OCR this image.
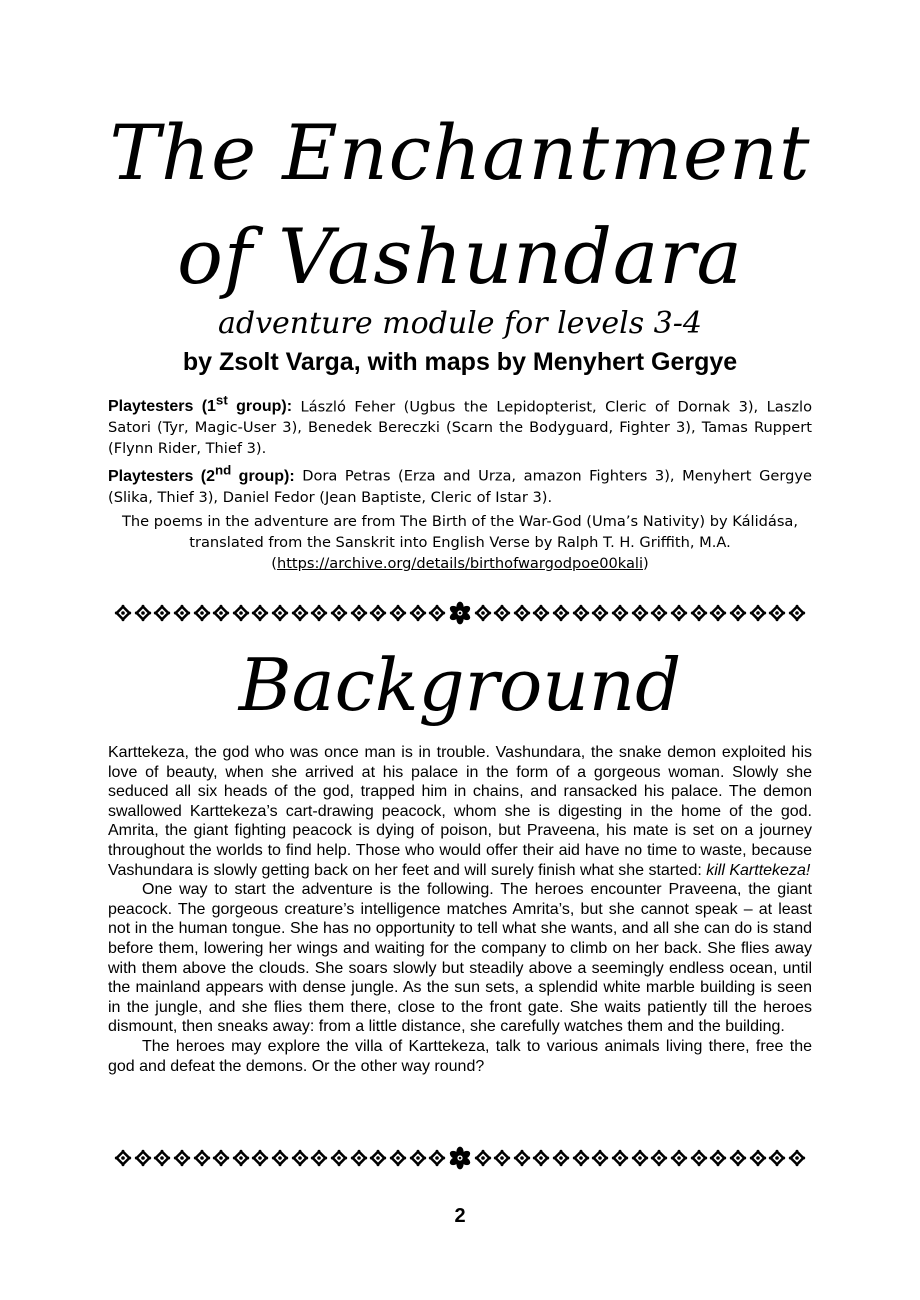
The Enchantment
of Vashundara
adventure module for levels 3-4
by Zsolt Varga, with maps by Menyhert Gergye

Playtesters (1st group): László Feher (Ugbus the Lepidopterist, Cleric of Dornak 3), Laszlo Satori (Tyr, Magic-User 3), Benedek Bereczki (Scarn the Bodyguard, Fighter 3), Tamas Ruppert (Flynn Rider, Thief 3).

Playtesters (2nd group): Dora Petras (Erza and Urza, amazon Fighters 3), Menyhert Gergye (Slika, Thief 3), Daniel Fedor (Jean Baptiste, Cleric of Istar 3).

The poems in the adventure are from The Birth of the War-God (Uma’s Nativity) by Kálidása, translated from the Sanskrit into English Verse by Ralph T. H. Griffith, M.A.

(https://archive.org/details/birthofwargodpoe00kali)

Background

Karttekeza, the god who was once man is in trouble. Vashundara, the snake demon exploited his love of beauty, when she arrived at his palace in the form of a gorgeous woman. Slowly she seduced all six heads of the god, trapped him in chains, and ransacked his palace. The demon swallowed Karttekeza’s cart-drawing peacock, whom she is digesting in the home of the god. Amrita, the giant fighting peacock is dying of poison, but Praveena, his mate is set on a journey throughout the worlds to find help. Those who would offer their aid have no time to waste, because Vashundara is slowly getting back on her feet and will surely finish what she started: kill Karttekeza!

One way to start the adventure is the following. The heroes encounter Praveena, the giant peacock. The gorgeous creature’s intelligence matches Amrita’s, but she cannot speak – at least not in the human tongue. She has no opportunity to tell what she wants, and all she can do is stand before them, lowering her wings and waiting for the company to climb on her back. She flies away with them above the clouds. She soars slowly but steadily above a seemingly endless ocean, until the mainland appears with dense jungle. As the sun sets, a splendid white marble building is seen in the jungle, and she flies them there, close to the front gate. She waits patiently till the heroes dismount, then sneaks away: from a little distance, she carefully watches them and the building.

The heroes may explore the villa of Karttekeza, talk to various animals living there, free the god and defeat the demons. Or the other way round?

2
